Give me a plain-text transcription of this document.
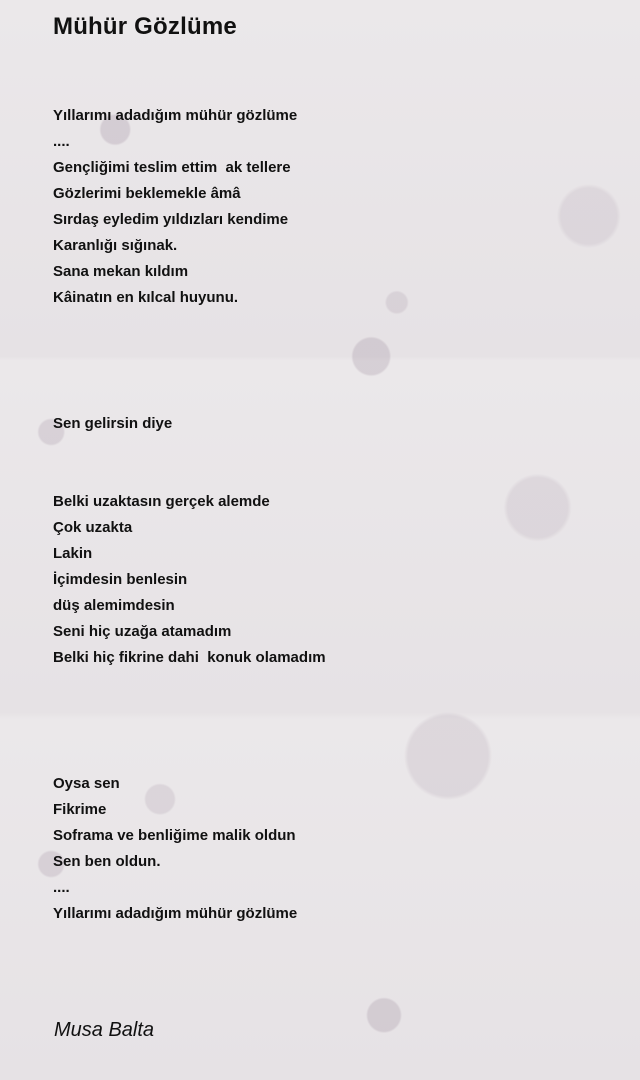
Mühür Gözlüme
Yıllarımı adadığım mühür gözlüme
....
Gençliğimi teslim ettim  ak tellere
Gözlerimi beklemekle âmâ
Sırdaş eyledim yıldızları kendime
Karanlığı sığınak.
Sana mekan kıldım
Kâinatın en kılcal huyunu.
Sen gelirsin diye
Belki uzaktasın gerçek alemde
Çok uzakta
Lakin
İçimdesin benlesin
düş alemimdesin
Seni hiç uzağa atamadım
Belki hiç fikrine dahi  konuk olamadım
Oysa sen
Fikrime
Soframa ve benliğime malik oldun
Sen ben oldun.
....
Yıllarımı adadığım mühür gözlüme
Musa Balta
